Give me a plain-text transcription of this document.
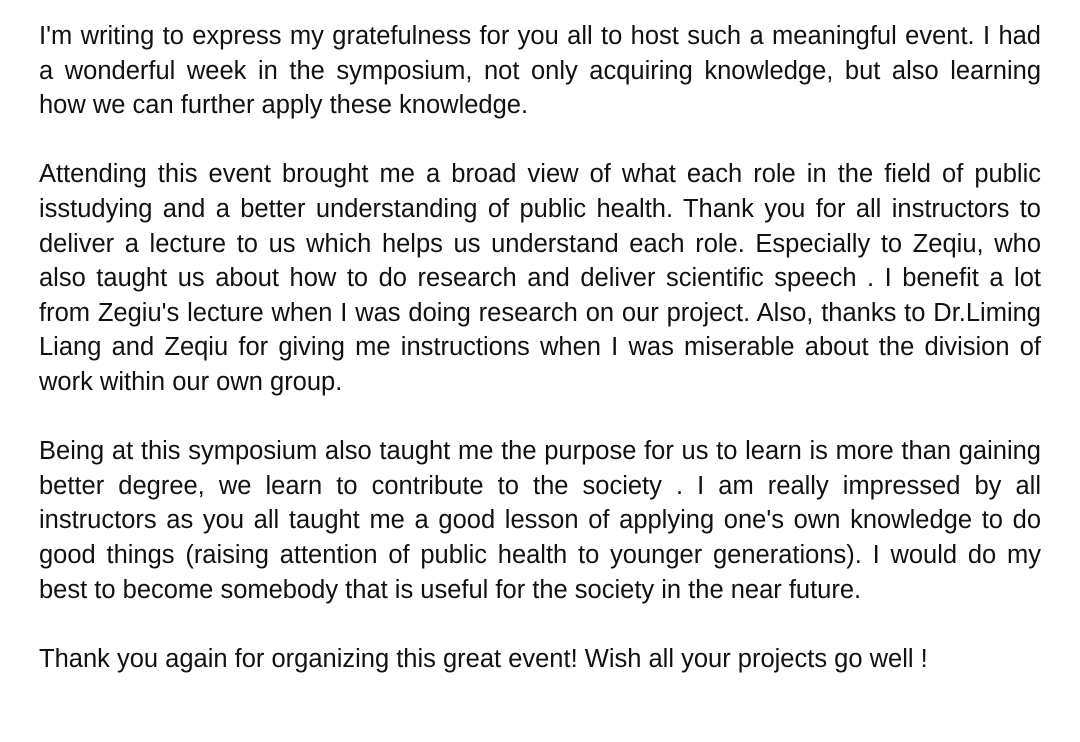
I'm writing to express my gratefulness for you all to host such a meaningful event. I had a wonderful week in the symposium, not only acquiring knowledge, but also learning how we can further apply these knowledge.

Attending this event brought me a broad view of what each role in the field of public isstudying and a better understanding of public health. Thank you for all instructors to deliver a lecture to us which helps us understand each role. Especially to Zeqiu, who also taught us about how to do research and deliver scientific speech . I benefit a lot from Zegiu's lecture when I was doing research on our project. Also, thanks to Dr.Liming Liang and Zeqiu for giving me instructions when I was miserable about the division of work within our own group.

Being at this symposium also taught me the purpose for us to learn is more than gaining better degree, we learn to contribute to the society . I am really impressed by all instructors as you all taught me a good lesson of applying one's own knowledge to do good things (raising attention of public health to younger generations). I would do my best to become somebody that is useful for the society in the near future.

Thank you again for organizing this great event! Wish all your projects go well !
